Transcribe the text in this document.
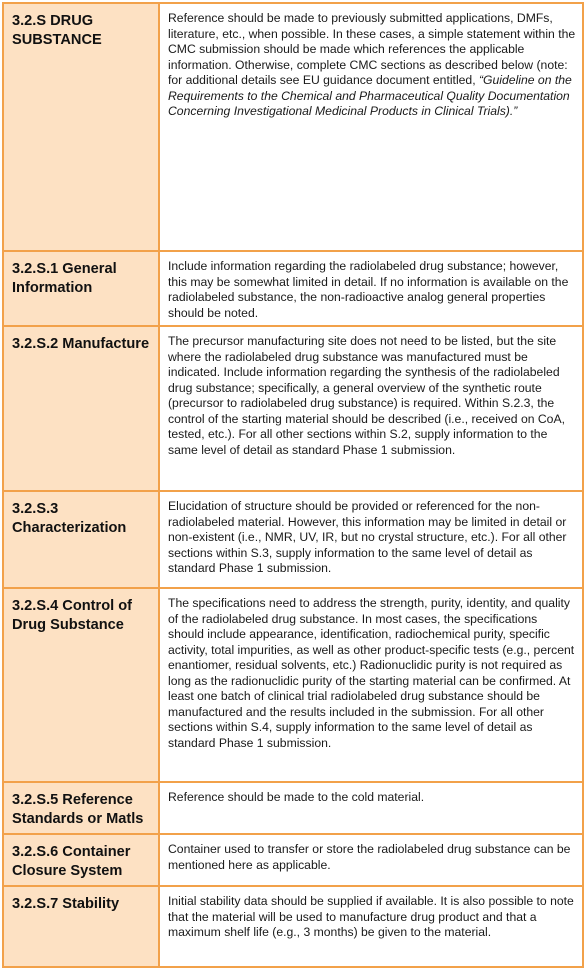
3.2.S DRUG SUBSTANCE	Reference should be made to previously submitted applications, DMFs, literature, etc., when possible. In these cases, a simple statement within the CMC submission should be made which references the applicable information. Otherwise, complete CMC sections as described below (note: for additional details see EU guidance document entitled, “Guideline on the Requirements to the Chemical and Pharmaceutical Quality Documentation Concerning Investigational Medicinal Products in Clinical Trials).”
3.2.S.1 General Information	Include information regarding the radiolabeled drug substance; however, this may be somewhat limited in detail. If no information is available on the radiolabeled substance, the non-radioactive analog general properties should be noted.
3.2.S.2 Manufacture	The precursor manufacturing site does not need to be listed, but the site where the radiolabeled drug substance was manufactured must be indicated. Include information regarding the synthesis of the radiolabeled drug substance; specifically, a general overview of the synthetic route (precursor to radiolabeled drug substance) is required. Within S.2.3, the control of the starting material should be described (i.e., received on CoA, tested, etc.). For all other sections within S.2, supply information to the same level of detail as standard Phase 1 submission.
3.2.S.3 Characterization	Elucidation of structure should be provided or referenced for the non-radiolabeled material. However, this information may be limited in detail or non-existent (i.e., NMR, UV, IR, but no crystal structure, etc.). For all other sections within S.3, supply information to the same level of detail as standard Phase 1 submission.
3.2.S.4 Control of Drug Substance	The specifications need to address the strength, purity, identity, and quality of the radiolabeled drug substance. In most cases, the specifications should include appearance, identification, radiochemical purity, specific activity, total impurities, as well as other product-specific tests (e.g., percent enantiomer, residual solvents, etc.) Radionuclidic purity is not required as long as the radionuclidic purity of the starting material can be confirmed. At least one batch of clinical trial radiolabeled drug substance should be manufactured and the results included in the submission. For all other sections within S.4, supply information to the same level of detail as standard Phase 1 submission.
3.2.S.5 Reference Standards or Matls	Reference should be made to the cold material.
3.2.S.6 Container Closure System	Container used to transfer or store the radiolabeled drug substance can be mentioned here as applicable.
3.2.S.7 Stability	Initial stability data should be supplied if available. It is also possible to note that the material will be used to manufacture drug product and that a maximum shelf life (e.g., 3 months) be given to the material.
